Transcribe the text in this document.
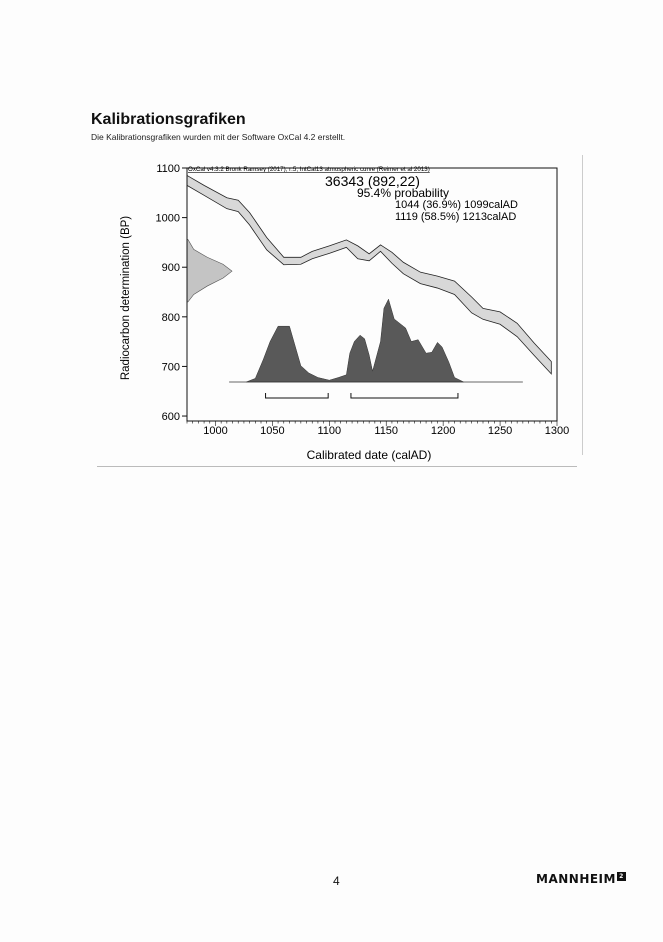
Kalibrationsgrafiken
Die Kalibrationsgrafiken wurden mit der Software OxCal 4.2 erstellt.
600
700
800
900
1000
1100
1000	1050	1100	1150	1200	1250	1300
OxCal v4.3.2 Bronk Ramsey (2017); r:5; IntCal13 atmospheric curve (Reimer et al 2013)
36343 (892,22)
95.4% probability
1044 (36.9%) 1099calAD
1119 (58.5%) 1213calAD
Calibrated date (calAD)
Radiocarbon determination (BP)
4	MANNHEIM 2
